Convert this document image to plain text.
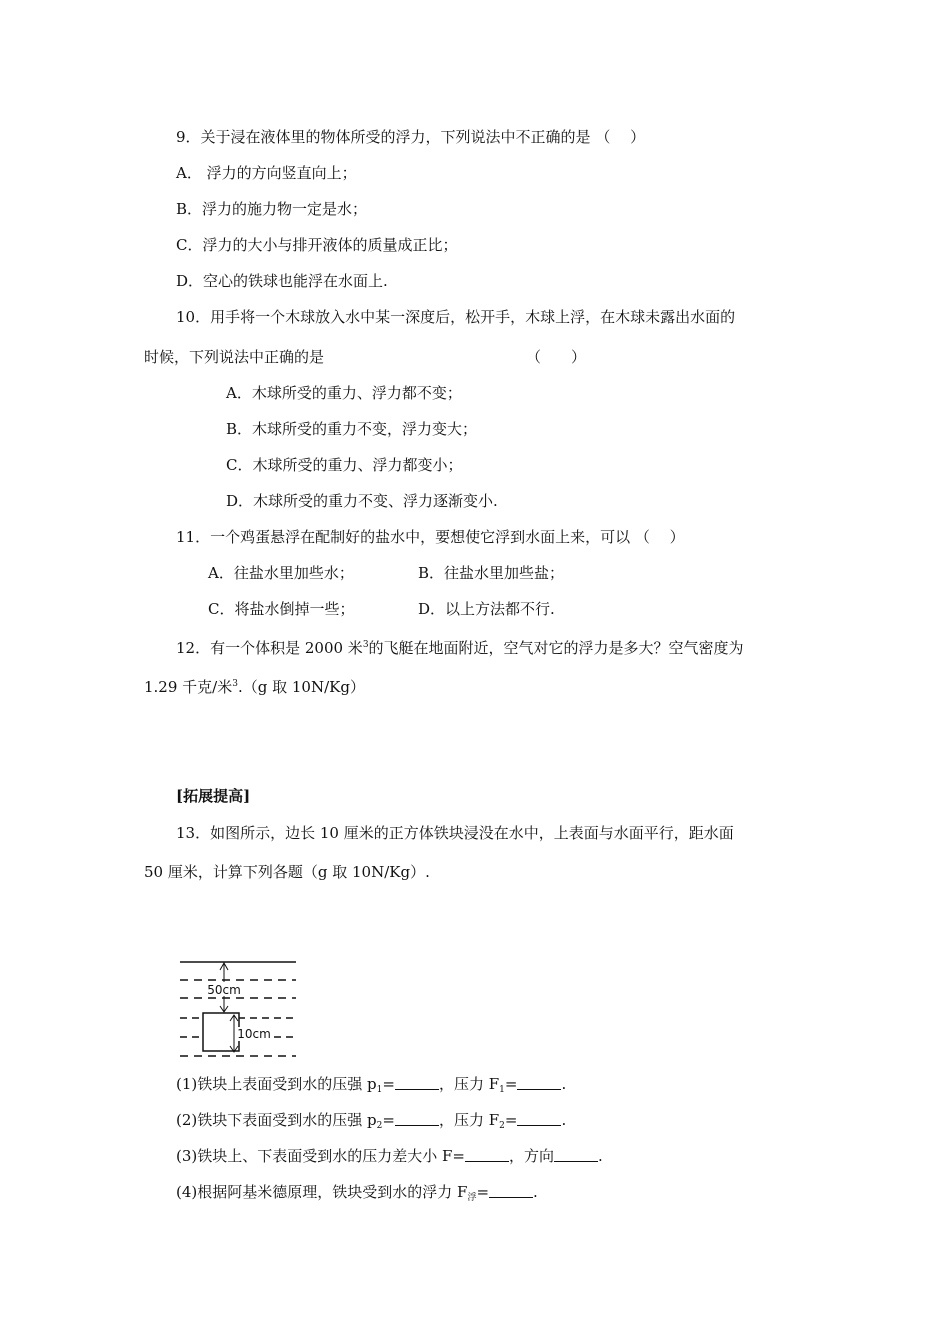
9．关于浸在液体里的物体所受的浮力，下列说法中不正确的是 （　 ）
A． 浮力的方向竖直向上；
B．浮力的施力物一定是水；
C．浮力的大小与排开液体的质量成正比；
D．空心的铁球也能浮在水面上.
10．用手将一个木球放入水中某一深度后，松开手，木球上浮，在木球未露出水面的
时候，下列说法中正确的是	（　　）
A．木球所受的重力、浮力都不变；
B．木球所受的重力不变，浮力变大；
C．木球所受的重力、浮力都变小；
D．木球所受的重力不变、浮力逐渐变小.
11．一个鸡蛋悬浮在配制好的盐水中，要想使它浮到水面上来，可以 （　 ）
A．往盐水里加些水；	B．往盐水里加些盐；
C．将盐水倒掉一些；	D．以上方法都不行.
12．有一个体积是 2000 米$^3$的飞艇在地面附近，空气对它的浮力是多大？空气密度为
1.29 千克/米$^3$.（g 取 10N/Kg）
[拓展提高]
13．如图所示，边长 10 厘米的正方体铁块浸没在水中，上表面与水面平行，距水面
50 厘米，计算下列各题（g 取 10N/Kg）.
50cm
10cm
(1)铁块上表面受到水的压强 $p_1=$	，压力 $F_1=$	.
(2)铁块下表面受到水的压强 $p_2=$	，压力 $F_2=$	.
(3)铁块上、下表面受到水的压力差大小 F=	，方向	.
(4)根据阿基米德原理，铁块受到水的浮力 $F_浮=$	.
